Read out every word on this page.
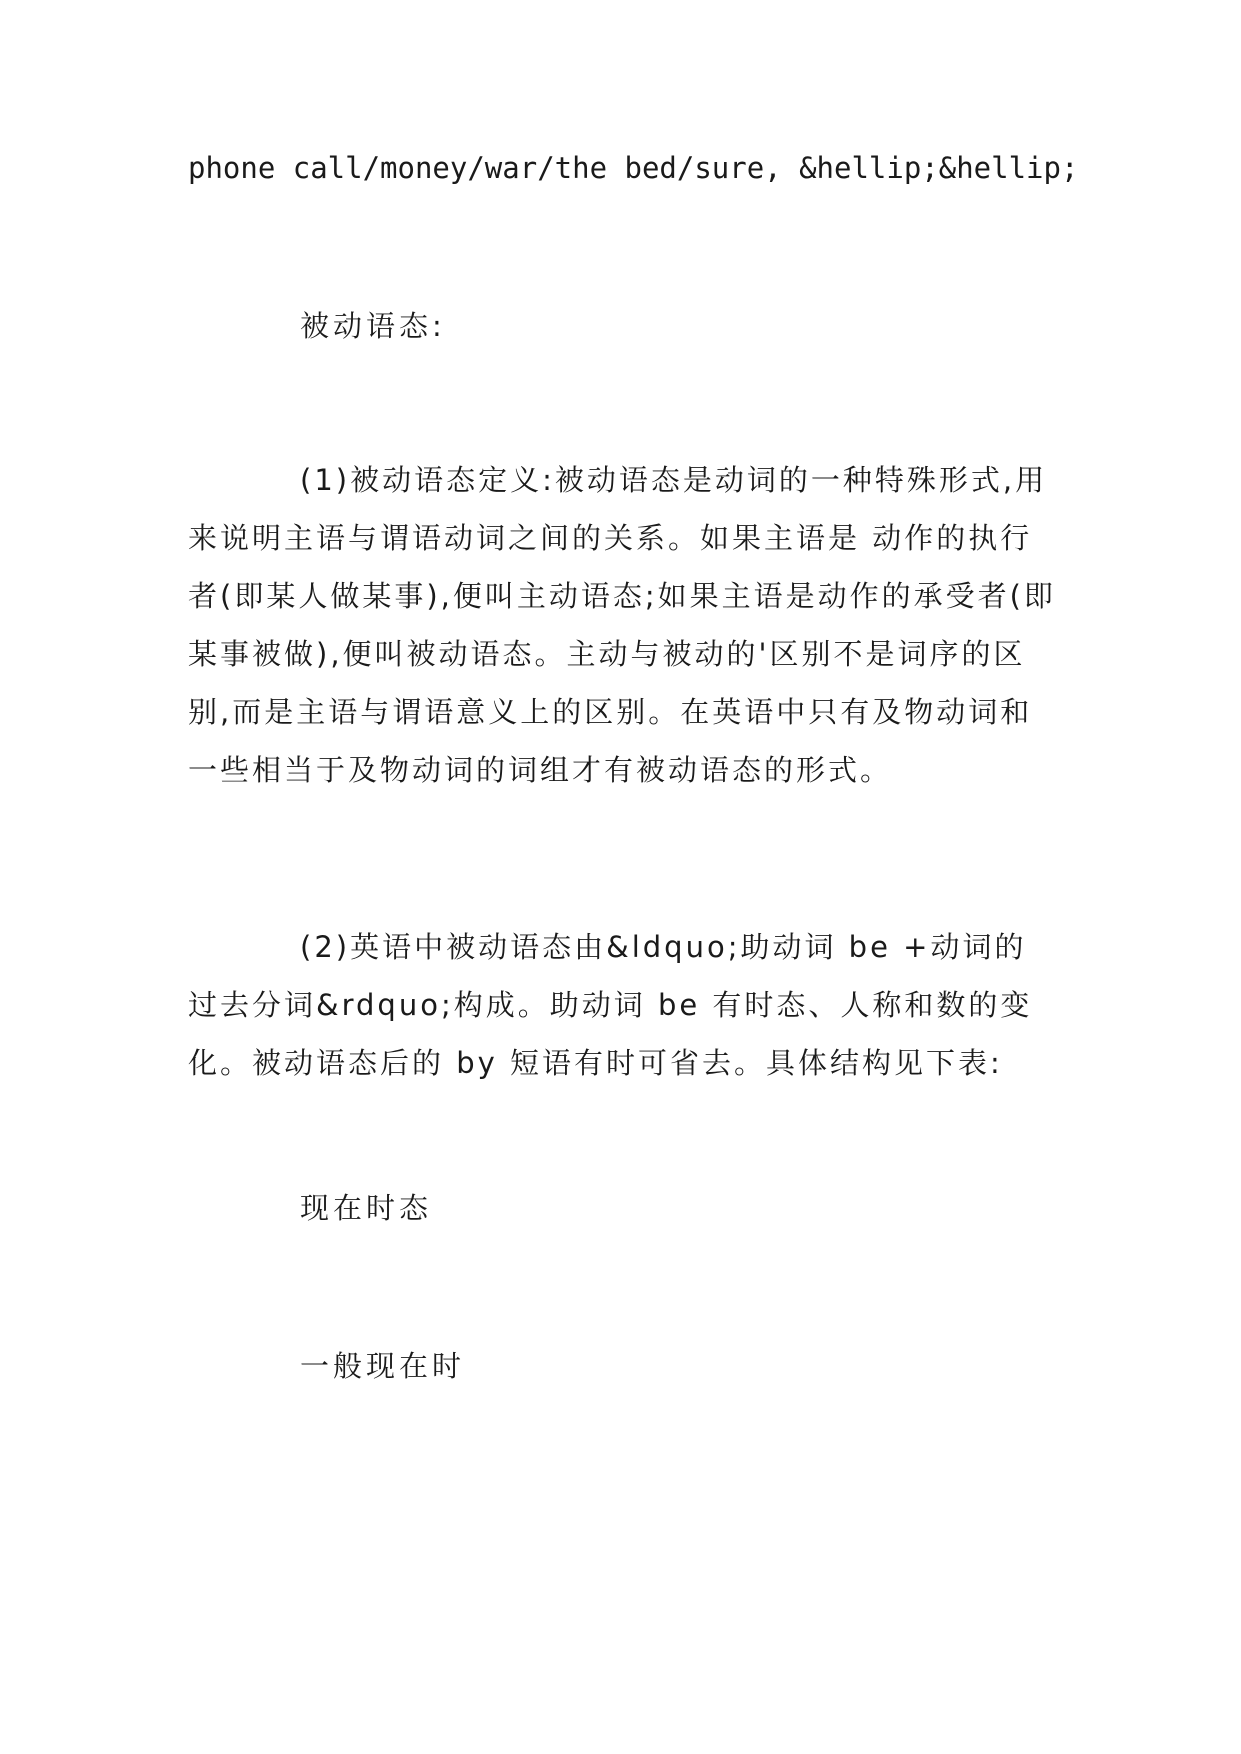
phone call/money/war/the bed/sure, &hellip;&hellip;
被动语态:
(1)被动语态定义:被动语态是动词的一种特殊形式,用来说明主语与谓语动词之间的关系。如果主语是 动作的执行者(即某人做某事),便叫主动语态;如果主语是动作的承受者(即某事被做),便叫被动语态。主动与被动的'区别不是词序的区别,而是主语与谓语意义上的区别。在英语中只有及物动词和一些相当于及物动词的词组才有被动语态的形式。
(2)英语中被动语态由&ldquo;助动词 be +动词的过去分词&rdquo;构成。助动词 be 有时态、人称和数的变化。被动语态后的 by 短语有时可省去。具体结构见下表:
现在时态
一般现在时
